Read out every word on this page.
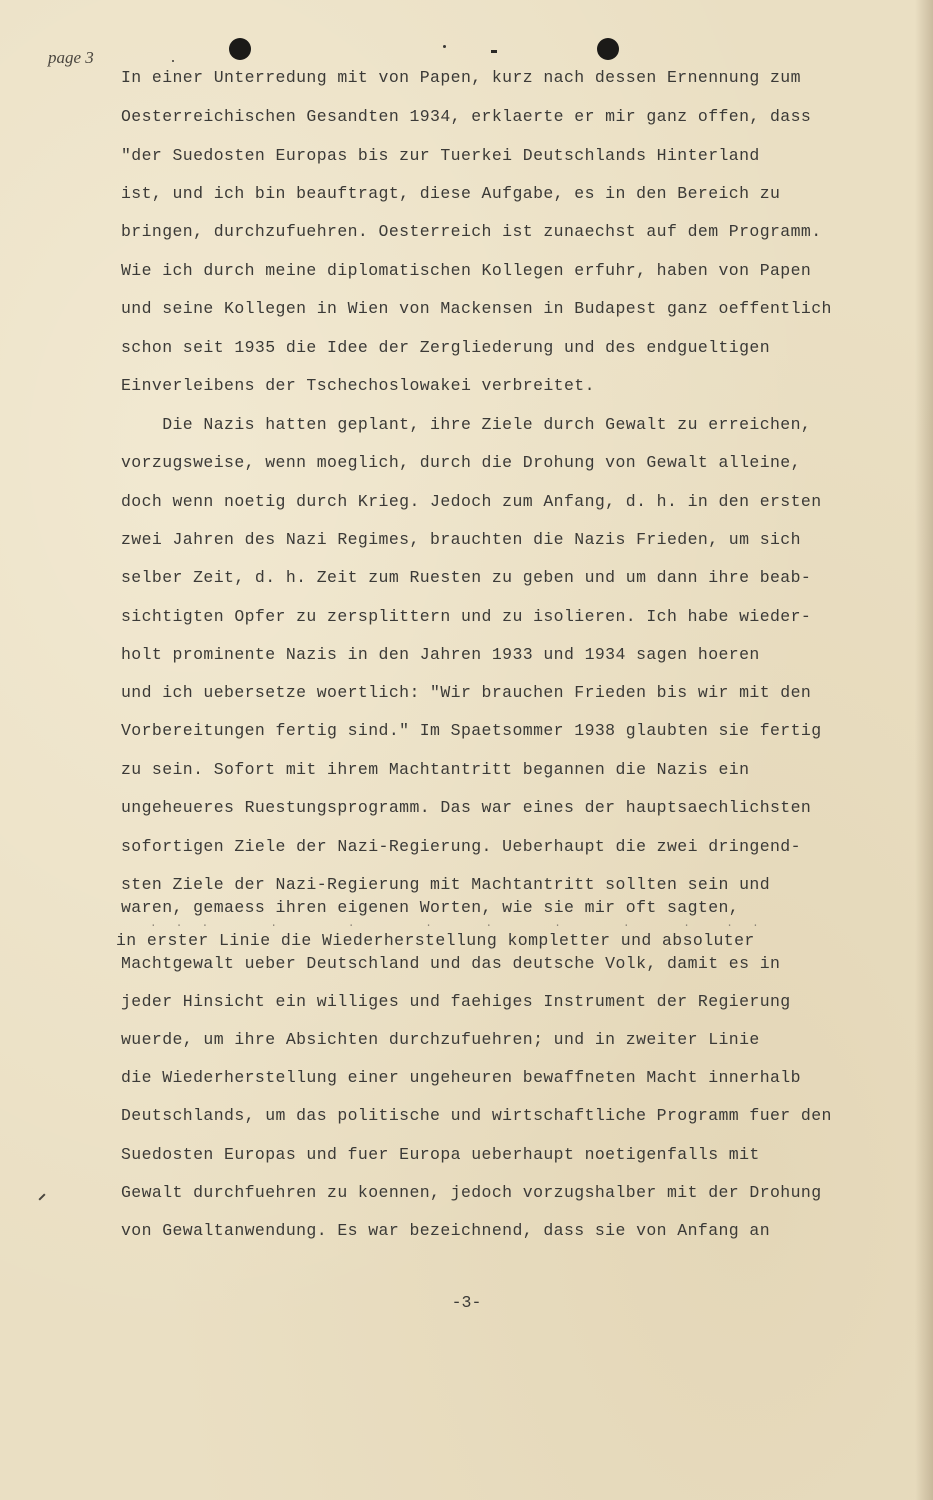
page 3
In einer Unterredung mit von Papen, kurz nach dessen Ernennung zum
Oesterreichischen Gesandten 1934, erklaerte er mir ganz offen, dass
"der Suedosten Europas bis zur Tuerkei Deutschlands Hinterland
ist, und ich bin beauftragt, diese Aufgabe, es in den Bereich zu
bringen, durchzufuehren. Oesterreich ist zunaechst auf dem Programm.
Wie ich durch meine diplomatischen Kollegen erfuhr, haben von Papen
und seine Kollegen in Wien von Mackensen in Budapest ganz oeffentlich
schon seit 1935 die Idee der Zergliederung und des endgueltigen
Einverleibens der Tschechoslowakei verbreitet.
Die Nazis hatten geplant, ihre Ziele durch Gewalt zu erreichen,
vorzugsweise, wenn moeglich, durch die Drohung von Gewalt alleine,
doch wenn noetig durch Krieg. Jedoch zum Anfang, d. h. in den ersten
zwei Jahren des Nazi Regimes, brauchten die Nazis Frieden, um sich
selber Zeit, d. h. Zeit zum Ruesten zu geben und um dann ihre beab-
sichtigten Opfer zu zersplittern und zu isolieren. Ich habe wieder-
holt prominente Nazis in den Jahren 1933 und 1934 sagen hoeren
und ich uebersetze woertlich: "Wir brauchen Frieden bis wir mit den
Vorbereitungen fertig sind." Im Spaetsommer 1938 glaubten sie fertig
zu sein. Sofort mit ihrem Machtantritt begannen die Nazis ein
ungeheueres Ruestungsprogramm. Das war eines der hauptsaechlichsten
sofortigen Ziele der Nazi-Regierung. Ueberhaupt die zwei dringend-
sten Ziele der Nazi-Regierung mit Machtantritt sollten sein und
waren, gemaess ihren eigenen Worten, wie sie mir oft sagten,
.  .  .       .        .        .      .       .       .      .    .  .
in erster Linie die Wiederherstellung kompletter und absoluter
Machtgewalt ueber Deutschland und das deutsche Volk, damit es in
jeder Hinsicht ein williges und faehiges Instrument der Regierung
wuerde, um ihre Absichten durchzufuehren; und in zweiter Linie
die Wiederherstellung einer ungeheuren bewaffneten Macht innerhalb
Deutschlands, um das politische und wirtschaftliche Programm fuer den
Suedosten Europas und fuer Europa ueberhaupt noetigenfalls mit
Gewalt durchfuehren zu koennen, jedoch vorzugshalber mit der Drohung
von Gewaltanwendung. Es war bezeichnend, dass sie von Anfang an
-3-
